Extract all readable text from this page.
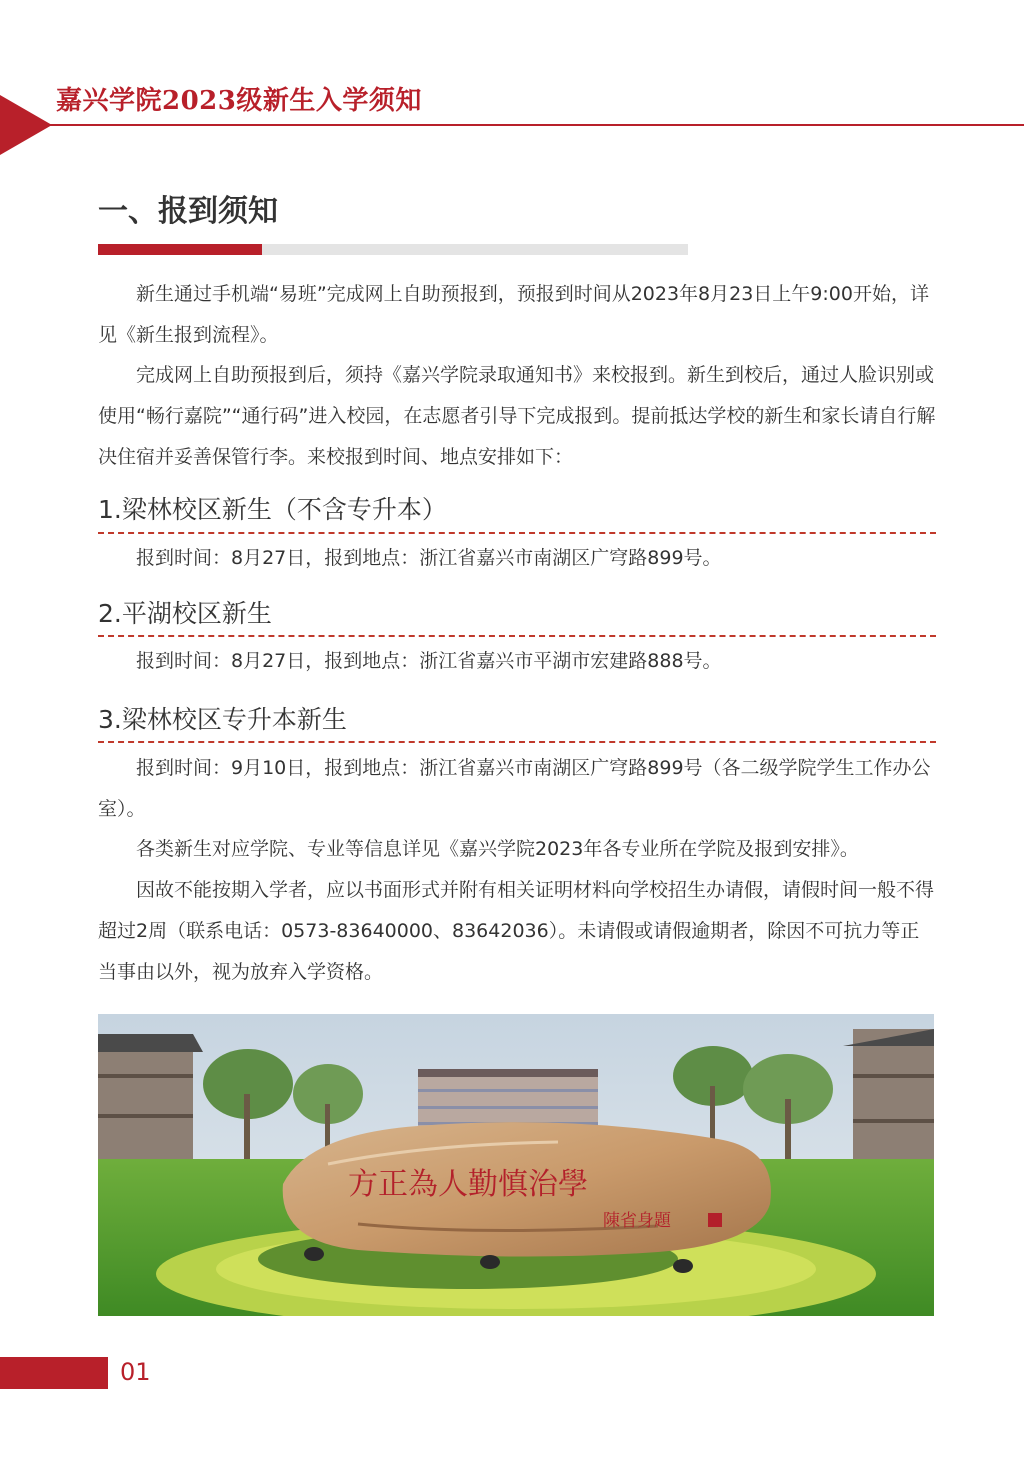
嘉兴学院2023级新生入学须知
一、报到须知

新生通过手机端“易班”完成网上自助预报到，预报到时间从2023年8月23日上午9:00开始，详见《新生报到流程》。

完成网上自助预报到后，须持《嘉兴学院录取通知书》来校报到。新生到校后，通过人脸识别或使用“畅行嘉院”“通行码”进入校园，在志愿者引导下完成报到。提前抵达学校的新生和家长请自行解决住宿并妥善保管行李。来校报到时间、地点安排如下：

1.梁林校区新生（不含专升本）

报到时间：8月27日，报到地点：浙江省嘉兴市南湖区广穹路899号。

2.平湖校区新生

报到时间：8月27日，报到地点：浙江省嘉兴市平湖市宏建路888号。

3.梁林校区专升本新生

报到时间：9月10日，报到地点：浙江省嘉兴市南湖区广穹路899号（各二级学院学生工作办公室）。

各类新生对应学院、专业等信息详见《嘉兴学院2023年各专业所在学院及报到安排》。

因故不能按期入学者，应以书面形式并附有相关证明材料向学校招生办请假，请假时间一般不得超过2周（联系电话：0573-83640000、83642036）。未请假或请假逾期者，除因不可抗力等正当事由以外，视为放弃入学资格。

方正為人勤慎治學
陳省身題
01
